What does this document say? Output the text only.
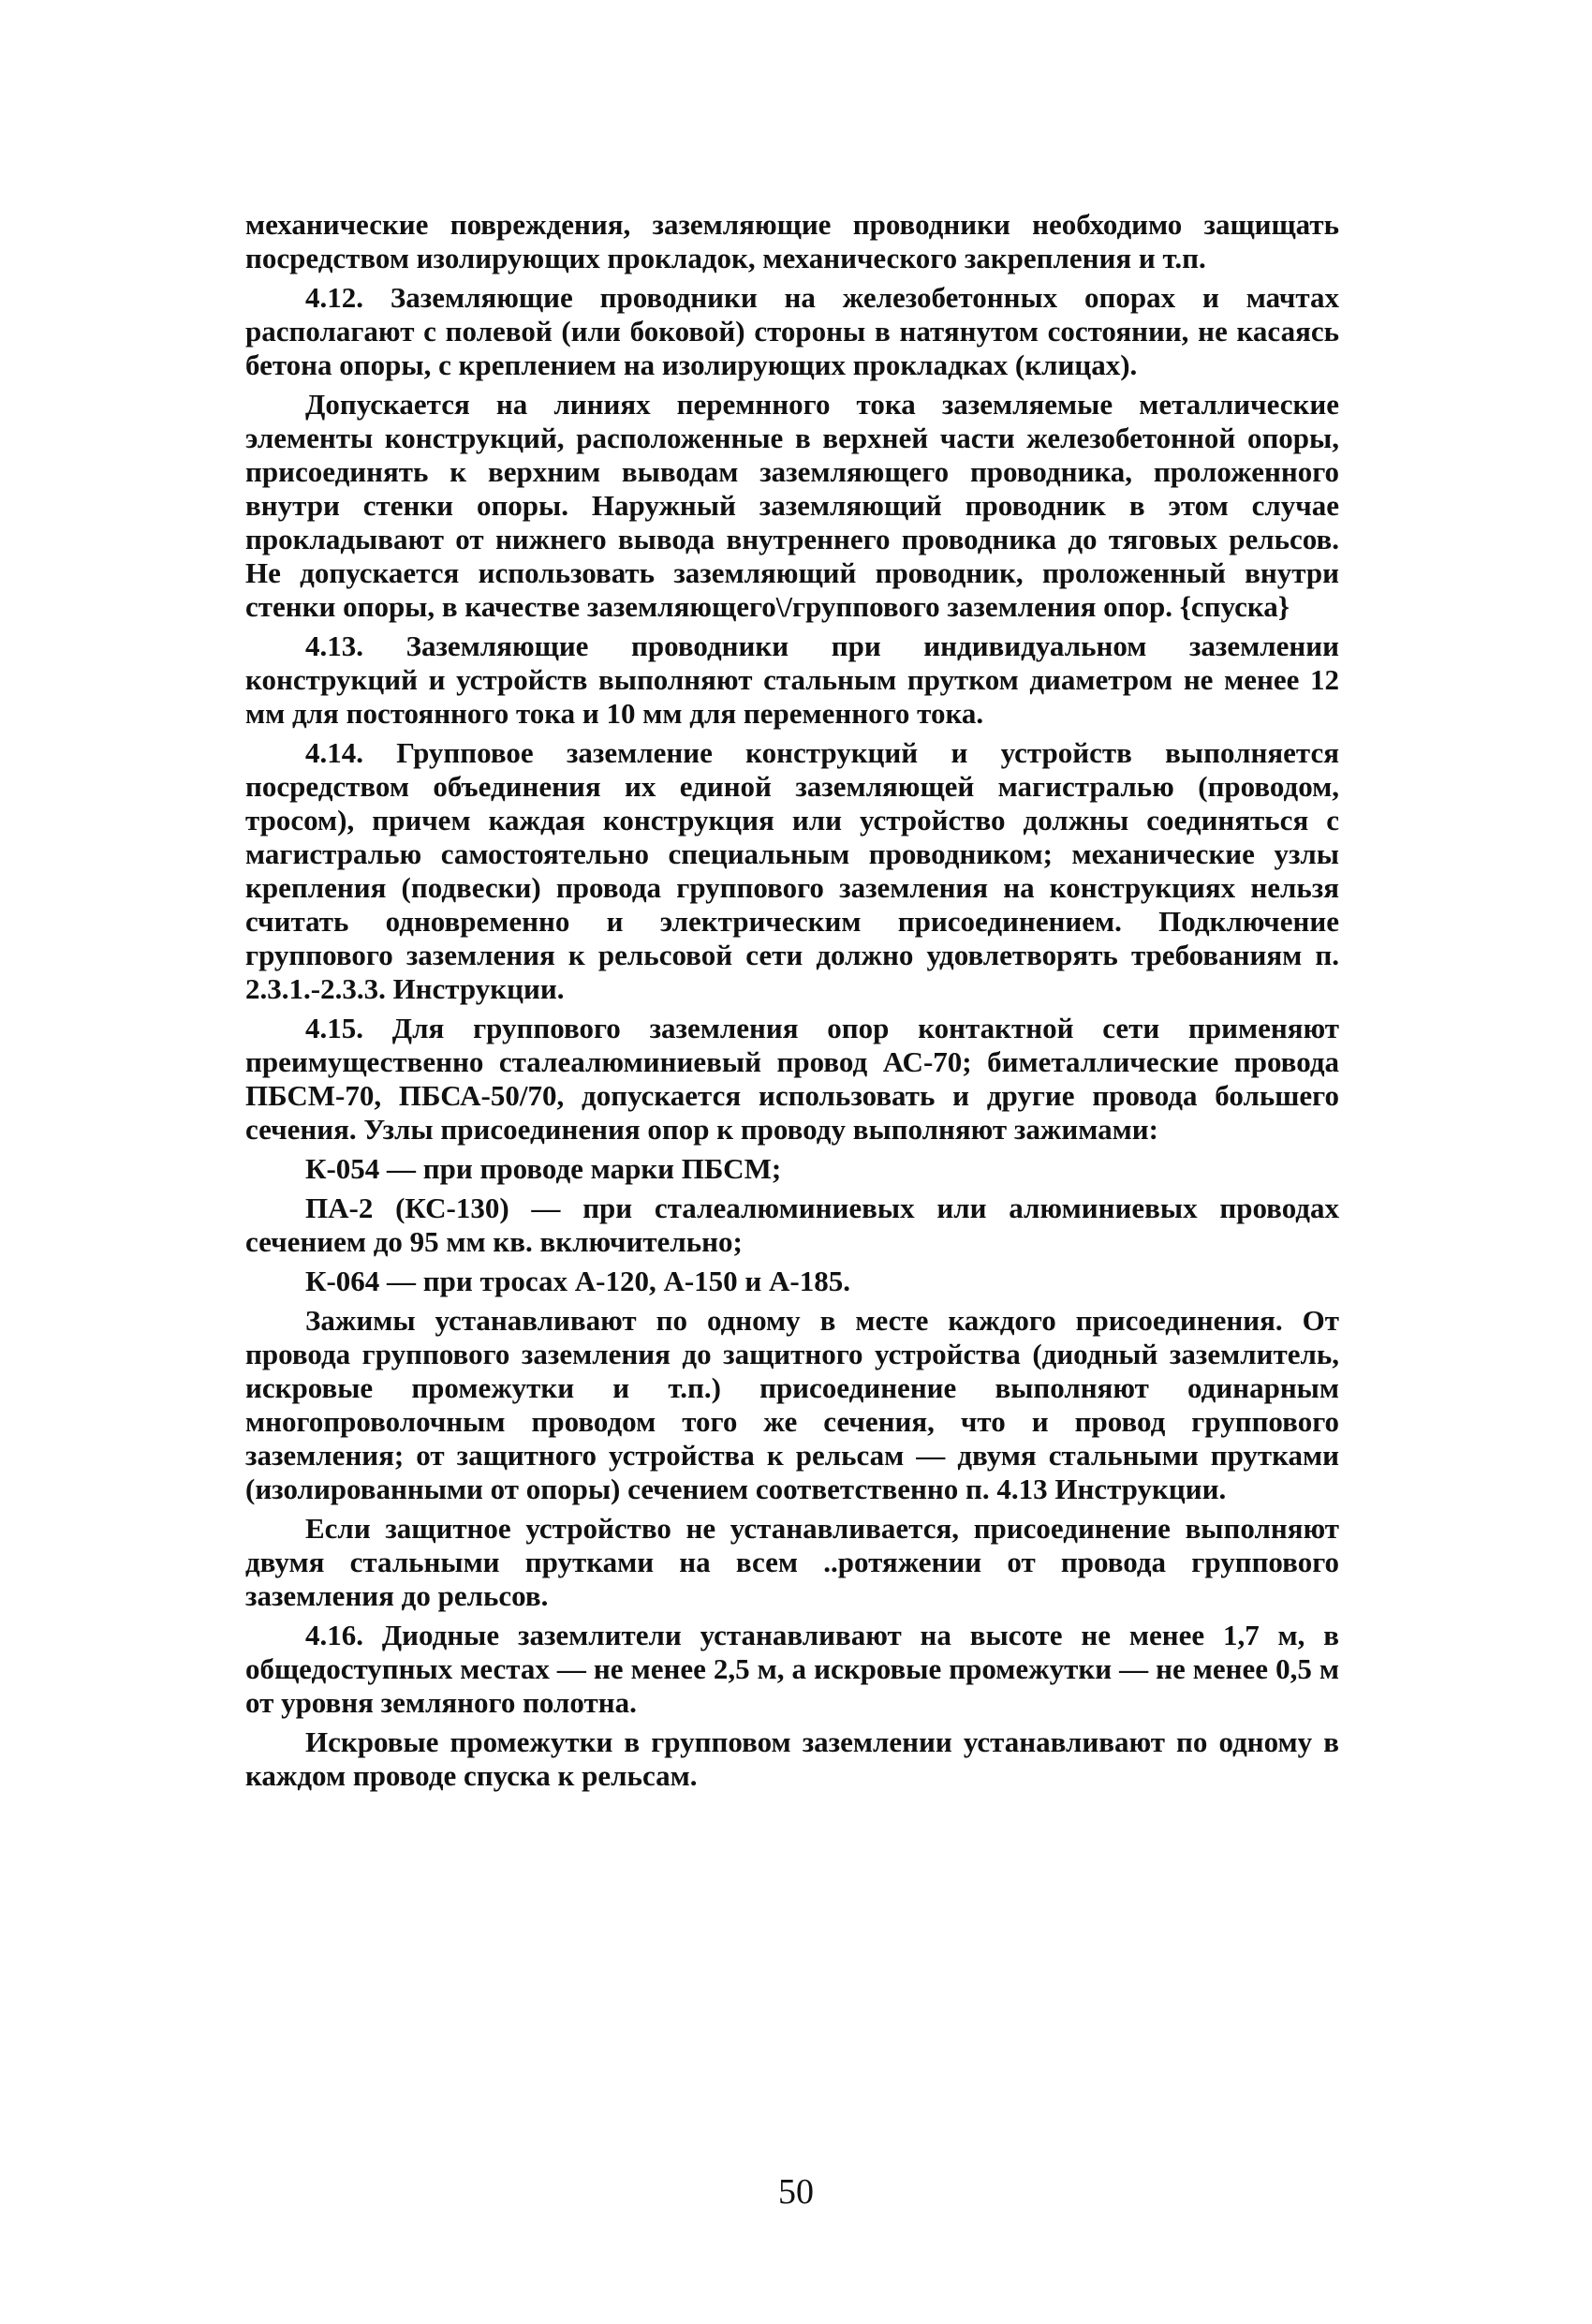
механические повреждения, заземляющие проводники необходимо защищать посредством изолирующих прокладок, механического закрепления и т.п.

4.12. Заземляющие проводники на железобетонных опорах и мачтах располагают с полевой (или боковой) стороны в натянутом состоянии, не касаясь бетона опоры, с креплением на изолирующих прокладках (клицах).

Допускается на линиях перемнного тока заземляемые металлические элементы конструкций, расположенные в верхней части железобетонной опоры, присоединять к верхним выводам заземляющего проводника, проложенного внутри стенки опоры. Наружный заземляющий проводник в этом случае прокладывают от нижнего вывода внутреннего проводника до тяговых рельсов. Не допускается использовать заземляющий проводник, проложенный внутри стенки опоры, в качестве заземляющего\/группового заземления опор. {спуска}

4.13. Заземляющие проводники при индивидуальном заземлении конструкций и устройств выполняют стальным прутком диаметром не менее 12 мм для постоянного тока и 10 мм для переменного тока.

4.14. Групповое заземление конструкций и устройств выполняется посредством объединения их единой заземляющей магистралью (проводом, тросом), причем каждая конструкция или устройство должны соединяться с магистралью самостоятельно специальным проводником; механические узлы крепления (подвески) провода группового заземления на конструкциях нельзя считать одновременно и электрическим присоединением. Подключение группового заземления к рельсовой сети должно удовлетворять требованиям п. 2.3.1.-2.3.3. Инструкции.

4.15. Для группового заземления опор контактной сети применяют преимущественно сталеалюминиевый провод АС-70; биметаллические провода ПБСМ-70, ПБСА-50/70, допускается использовать и другие провода большего сечения. Узлы присоединения опор к проводу выполняют зажимами:

К-054 — при проводе марки ПБСМ;

ПА-2 (КС-130) — при сталеалюминиевых или алюминиевых проводах сечением до 95 мм кв. включительно;

К-064 — при тросах А-120, А-150 и А-185.

Зажимы устанавливают по одному в месте каждого присоединения. От провода группового заземления до защитного устройства (диодный заземлитель, искровые промежутки и т.п.) присоединение выполняют одинарным многопроволочным проводом того же сечения, что и провод группового заземления; от защитного устройства к рельсам — двумя стальными прутками (изолированными от опоры) сечением соответственно п. 4.13 Инструкции.

Если защитное устройство не устанавливается, присоединение выполняют двумя стальными прутками на всем ..ротяжении от провода группового заземления до рельсов.

4.16. Диодные заземлители устанавливают на высоте не менее 1,7 м, в общедоступных местах — не менее 2,5 м, а искровые промежутки — не менее 0,5 м от уровня земляного полотна.

Искровые промежутки в групповом заземлении устанавливают по одному в каждом проводе спуска к рельсам.

50
